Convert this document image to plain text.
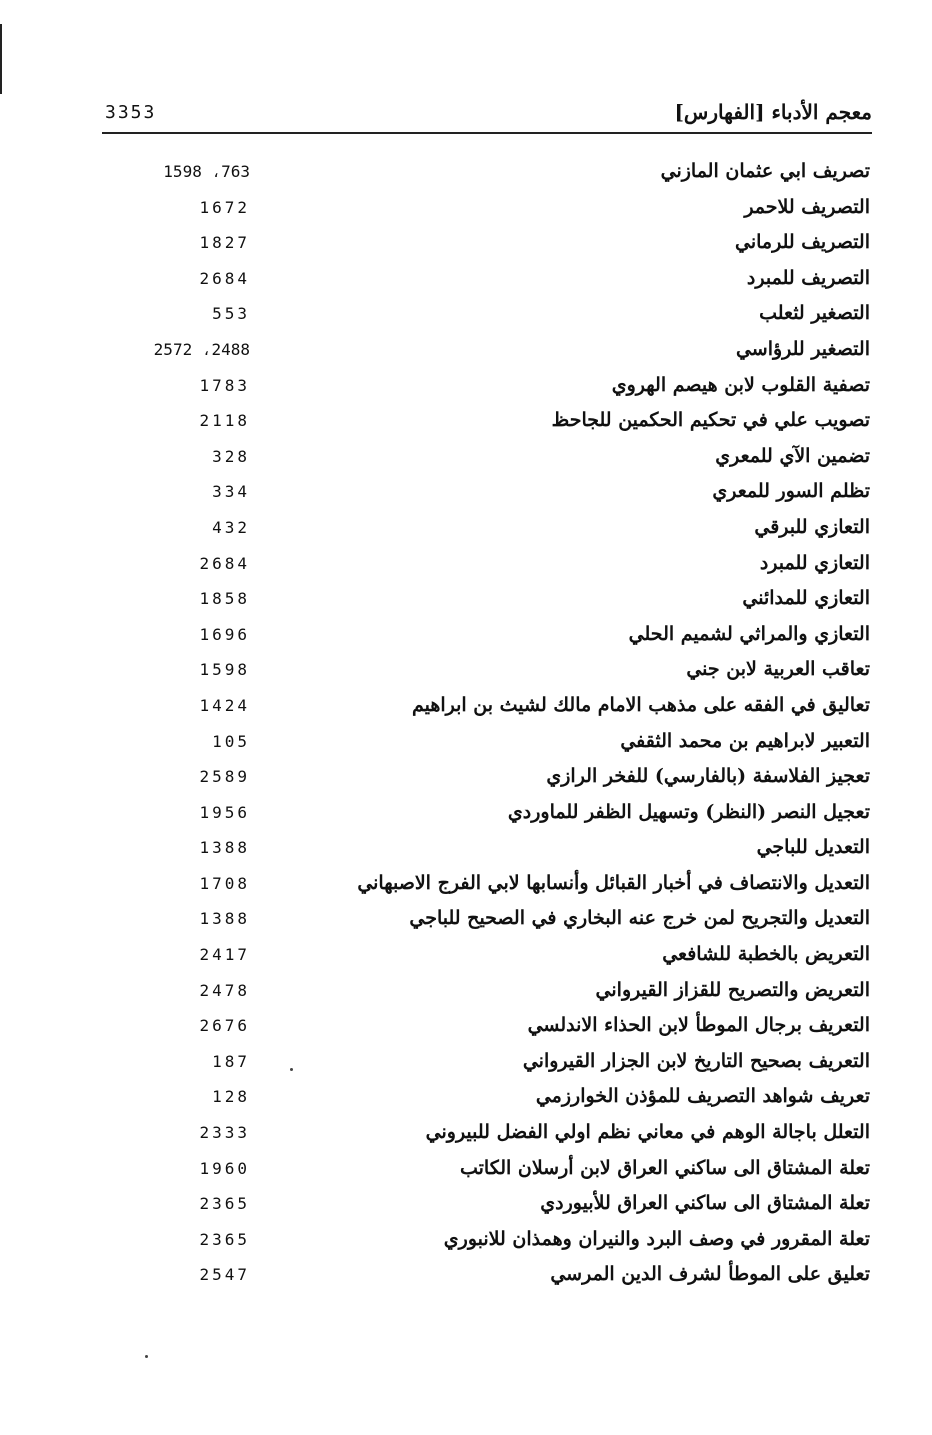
معجم الأدباء [الفهارس]
3353
تصريف ابي عثمان المازني
763، 1598
التصريف للاحمر
1672
التصريف للرماني
1827
التصريف للمبرد
2684
التصغير لثعلب
553
التصغير للرؤاسي
2488، 2572
تصفية القلوب لابن هيصم الهروي
1783
تصويب علي في تحكيم الحكمين للجاحظ
2118
تضمين الآي للمعري
328
تظلم السور للمعري
334
التعازي للبرقي
432
التعازي للمبرد
2684
التعازي للمدائني
1858
التعازي والمراثي لشميم الحلي
1696
تعاقب العربية لابن جني
1598
تعاليق في الفقه على مذهب الامام مالك لشيث بن ابراهيم
1424
التعبير لابراهيم بن محمد الثقفي
105
تعجيز الفلاسفة (بالفارسي) للفخر الرازي
2589
تعجيل النصر (النظر) وتسهيل الظفر للماوردي
1956
التعديل للباجي
1388
التعديل والانتصاف في أخبار القبائل وأنسابها لابي الفرج الاصبهاني
1708
التعديل والتجريح لمن خرج عنه البخاري في الصحيح للباجي
1388
التعريض بالخطبة للشافعي
2417
التعريض والتصريح للقزاز القيرواني
2478
التعريف برجال الموطأ لابن الحذاء الاندلسي
2676
التعريف بصحيح التاريخ لابن الجزار القيرواني
187
تعريف شواهد التصريف للمؤذن الخوارزمي
128
التعلل باجالة الوهم في معاني نظم اولي الفضل للبيروني
2333
تعلة المشتاق الى ساكني العراق لابن أرسلان الكاتب
1960
تعلة المشتاق الى ساكني العراق للأبيوردي
2365
تعلة المقرور في وصف البرد والنيران وهمذان للانبوري
2365
تعليق على الموطأ لشرف الدين المرسي
2547
